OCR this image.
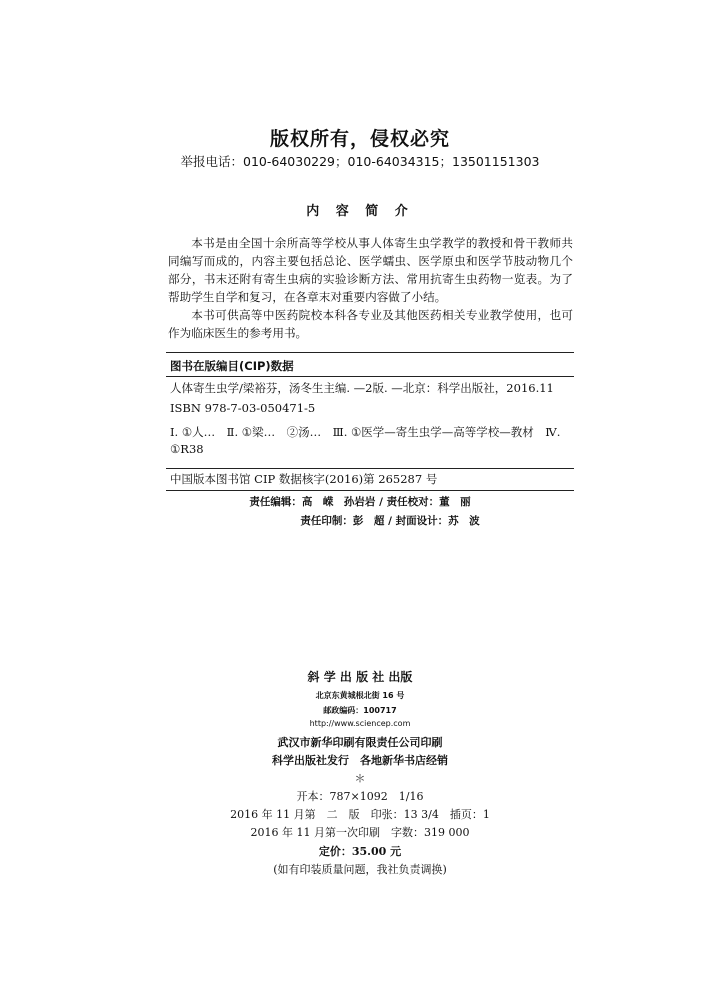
版权所有，侵权必究
举报电话：010-64030229；010-64034315；13501151303
内 容 简 介

本书是由全国十余所高等学校从事人体寄生虫学教学的教授和骨干教师共同编写而成的，内容主要包括总论、医学蠕虫、医学原虫和医学节肢动物几个部分，书末还附有寄生虫病的实验诊断方法、常用抗寄生虫药物一览表。为了帮助学生自学和复习，在各章末对重要内容做了小结。

本书可供高等中医药院校本科各专业及其他医药相关专业教学使用，也可作为临床医生的参考用书。

图书在版编目(CIP)数据
人体寄生虫学/梁裕芬，汤冬生主编. —2版. —北京：科学出版社，2016.11
ISBN 978-7-03-050471-5
Ⅰ. ①人…　Ⅱ. ①梁…　②汤…　Ⅲ. ①医学—寄生虫学—高等学校—教材　Ⅳ. ①R38
中国版本图书馆 CIP 数据核字(2016)第 265287 号
责任编辑：高　嵘　孙岩岩 / 责任校对：董　丽
责任印制：彭　超 / 封面设计：苏　波
斜 学 出 版 社 出版
北京东黄城根北街 16 号
邮政编码：100717
http://www.sciencep.com
武汉市新华印刷有限责任公司印刷
科学出版社发行　各地新华书店经销
＊
开本：787×1092　1/16
2016 年 11 月第　二　版　印张：13 3/4　插页：1
2016 年 11 月第一次印刷　字数：319 000
定价：35.00 元
(如有印装质量问题，我社负责调换)
